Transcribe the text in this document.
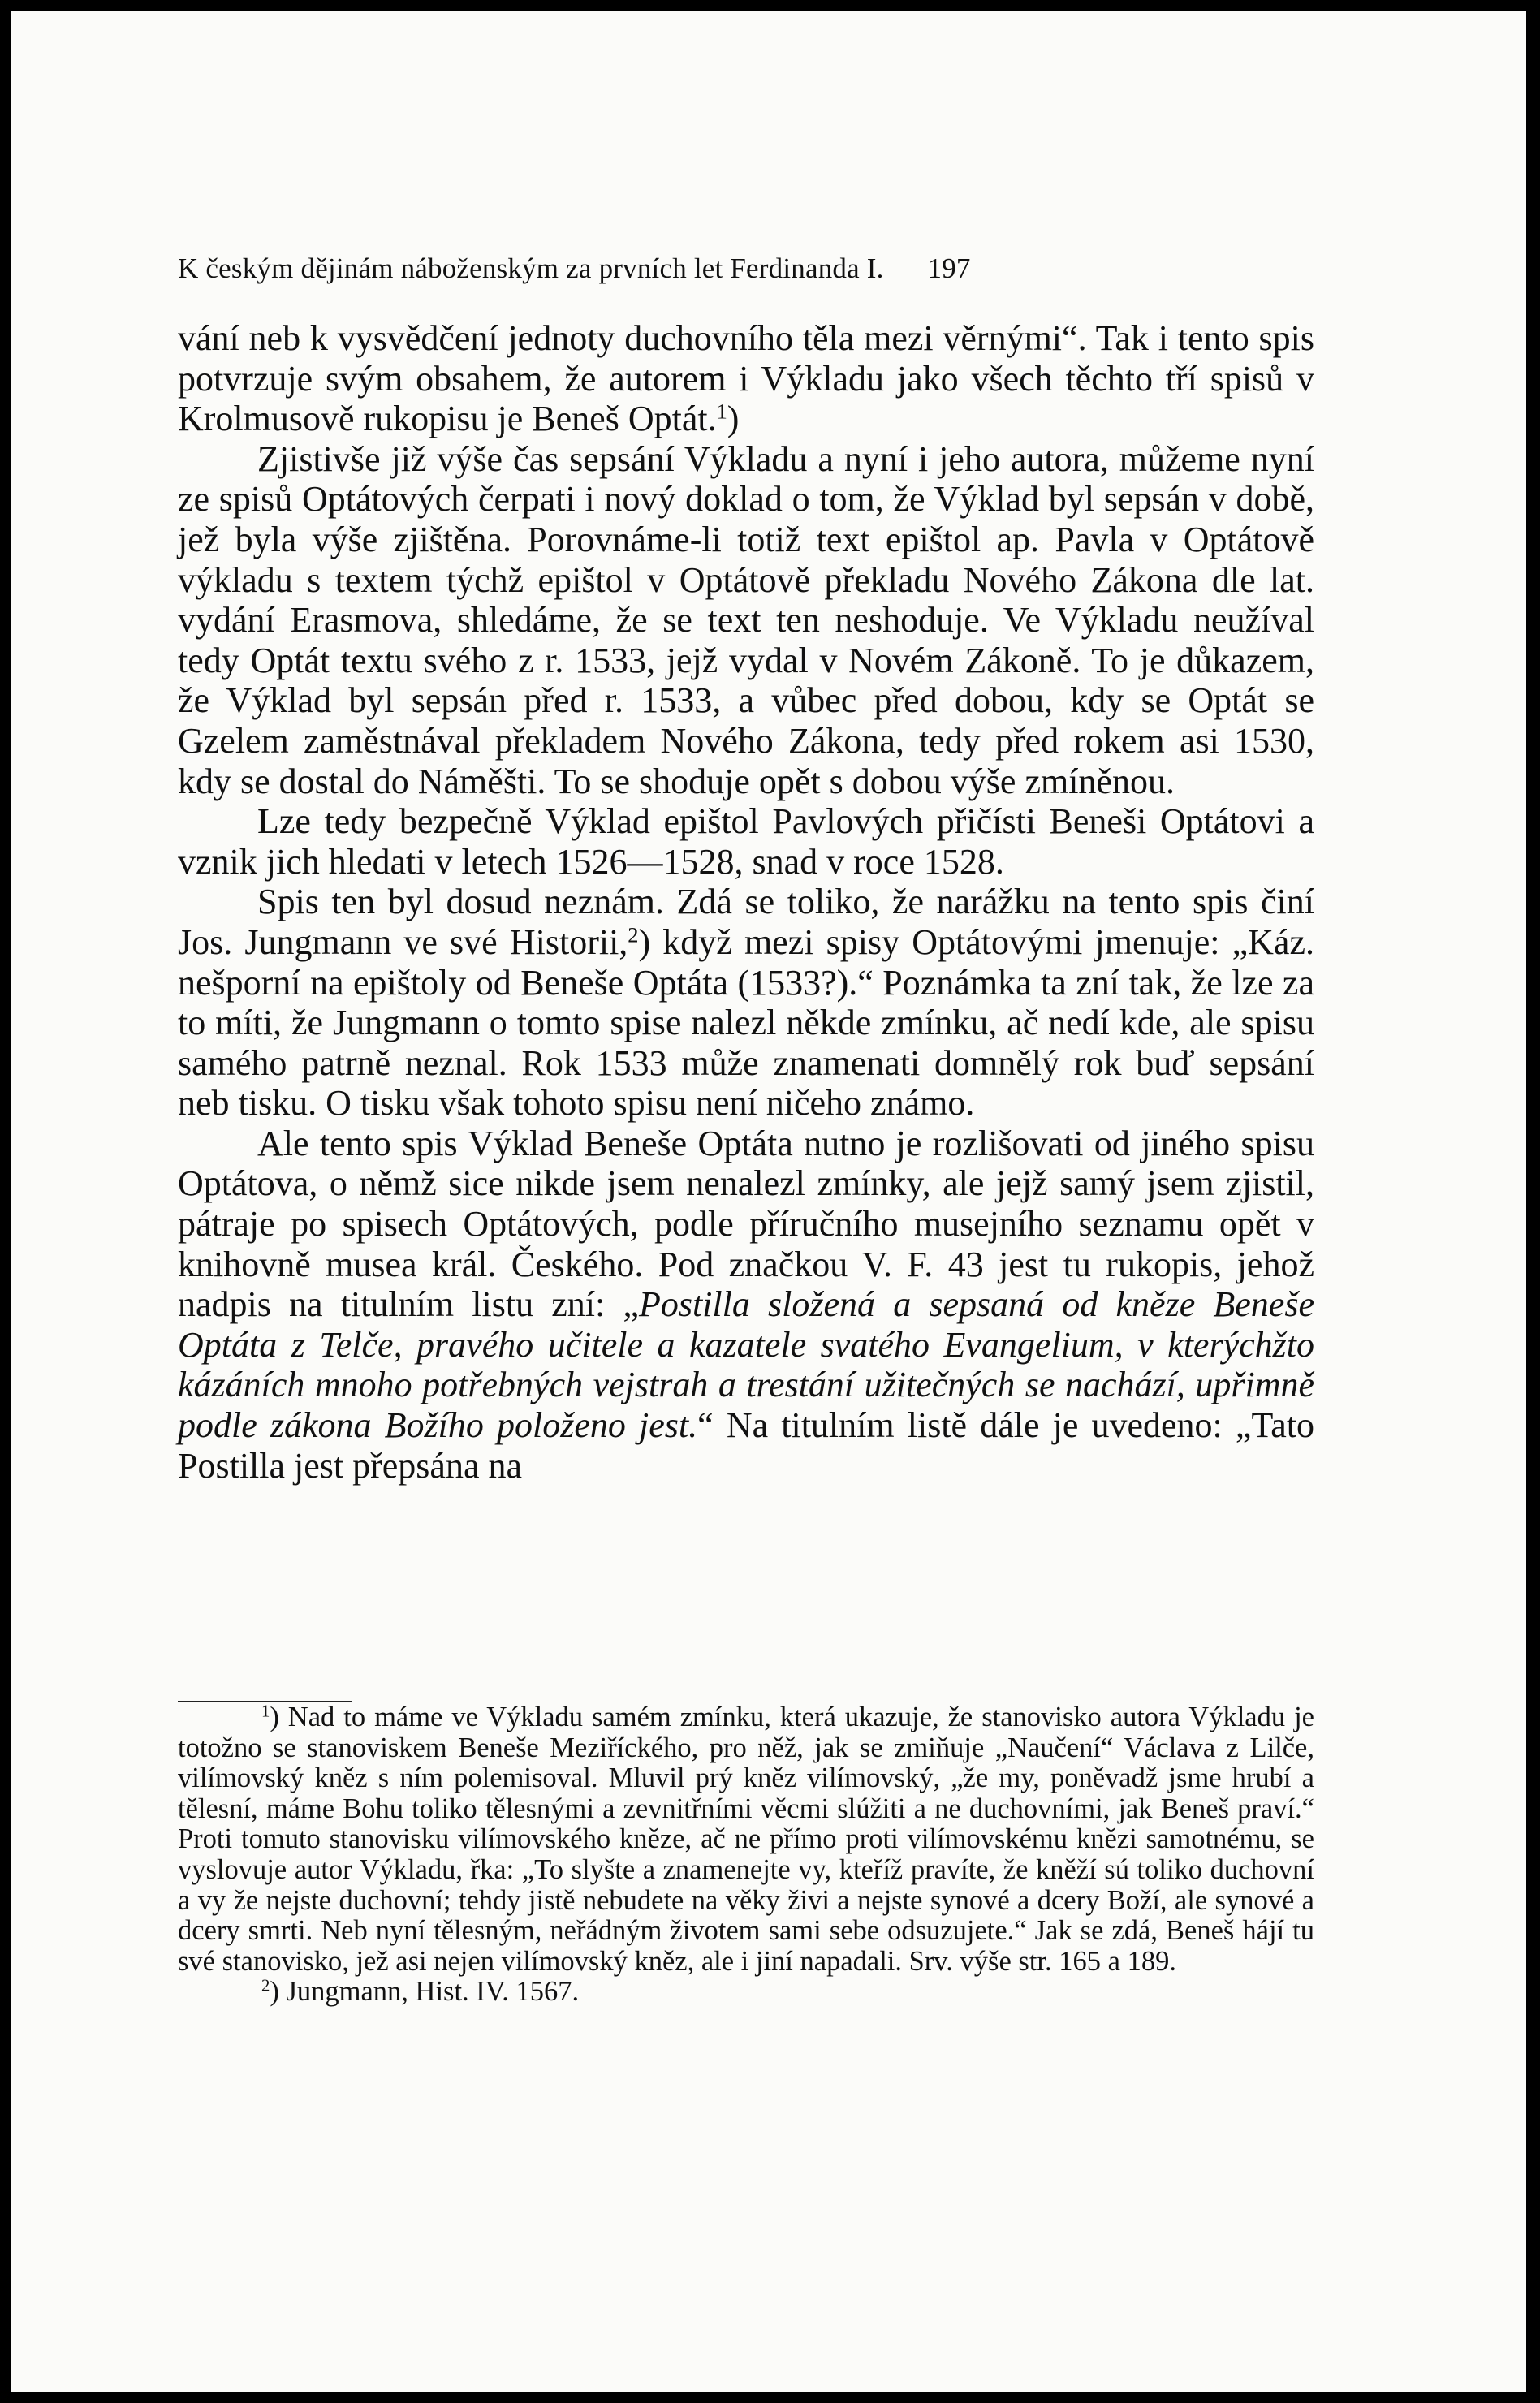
K českým dějinám náboženským za prvních let Ferdinanda I. 197

vání neb k vysvědčení jednoty duchovního těla mezi věrnými“. Tak i tento spis potvrzuje svým obsahem, že autorem i Výkladu jako všech těchto tří spisů v Krolmusově rukopisu je Beneš Optát.$^1$)

Zjistivše již výše čas sepsání Výkladu a nyní i jeho autora, můžeme nyní ze spisů Optátových čerpati i nový doklad o tom, že Výklad byl sepsán v době, jež byla výše zjištěna. Porovnáme-li totiž text epištol ap. Pavla v Optátově výkladu s textem týchž epištol v Optátově překladu Nového Zákona dle lat. vydání Erasmova, shledáme, že se text ten neshoduje. Ve Výkladu neužíval tedy Optát textu svého z r. 1533, jejž vydal v Novém Zákoně. To je důkazem, že Výklad byl sepsán před r. 1533, a vůbec před dobou, kdy se Optát se Gzelem zaměstnával překladem Nového Zákona, tedy před rokem asi 1530, kdy se dostal do Náměšti. To se shoduje opět s dobou výše zmíněnou.

Lze tedy bezpečně Výklad epištol Pavlových přičísti Beneši Optátovi a vznik jich hledati v letech 1526—1528, snad v roce 1528.

Spis ten byl dosud neznám. Zdá se toliko, že narážku na tento spis činí Jos. Jungmann ve své Historii,$^2$) když mezi spisy Optátovými jmenuje: „Káz. nešporní na epištoly od Beneše Optáta (1533?).“ Poznámka ta zní tak, že lze za to míti, že Jungmann o tomto spise nalezl někde zmínku, ač nedí kde, ale spisu samého patrně neznal. Rok 1533 může znamenati domnělý rok buď sepsání neb tisku. O tisku však tohoto spisu není ničeho známo.

Ale tento spis Výklad Beneše Optáta nutno je rozlišovati od jiného spisu Optátova, o němž sice nikde jsem nenalezl zmínky, ale jejž samý jsem zjistil, pátraje po spisech Optátových, podle příručního musejního seznamu opět v knihovně musea král. Českého. Pod značkou V. F. 43 jest tu rukopis, jehož nadpis na titulním listu zní: „Postilla složená a sepsaná od kněze Beneše Optáta z Telče, pravého učitele a kazatele svatého Evangelium, v kterýchžto kázáních mnoho potřebných vejstrah a trestání užitečných se nachází, upřimně podle zákona Božího položeno jest.“ Na titulním listě dále je uvedeno: „Tato Postilla jest přepsána na

$^1$) Nad to máme ve Výkladu samém zmínku, která ukazuje, že stanovisko autora Výkladu je totožno se stanoviskem Beneše Meziříckého, pro něž, jak se zmiňuje „Naučení“ Václava z Lilče, vilímovský kněz s ním polemisoval. Mluvil prý kněz vilímovský, „že my, poněvadž jsme hrubí a tělesní, máme Bohu toliko tělesnými a zevnitřními věcmi slúžiti a ne duchovními, jak Beneš praví.“ Proti tomuto stanovisku vilímovského kněze, ač ne přímo proti vilímovskému knězi samotnému, se vyslovuje autor Výkladu, řka: „To slyšte a znamenejte vy, kteříž pravíte, že kněží sú toliko duchovní a vy že nejste duchovní; tehdy jistě nebudete na věky živi a nejste synové a dcery Boží, ale synové a dcery smrti. Neb nyní tělesným, neřádným životem sami sebe odsuzujete.“ Jak se zdá, Beneš hájí tu své stanovisko, jež asi nejen vilímovský kněz, ale i jiní napadali. Srv. výše str. 165 a 189.

$^2$) Jungmann, Hist. IV. 1567.
